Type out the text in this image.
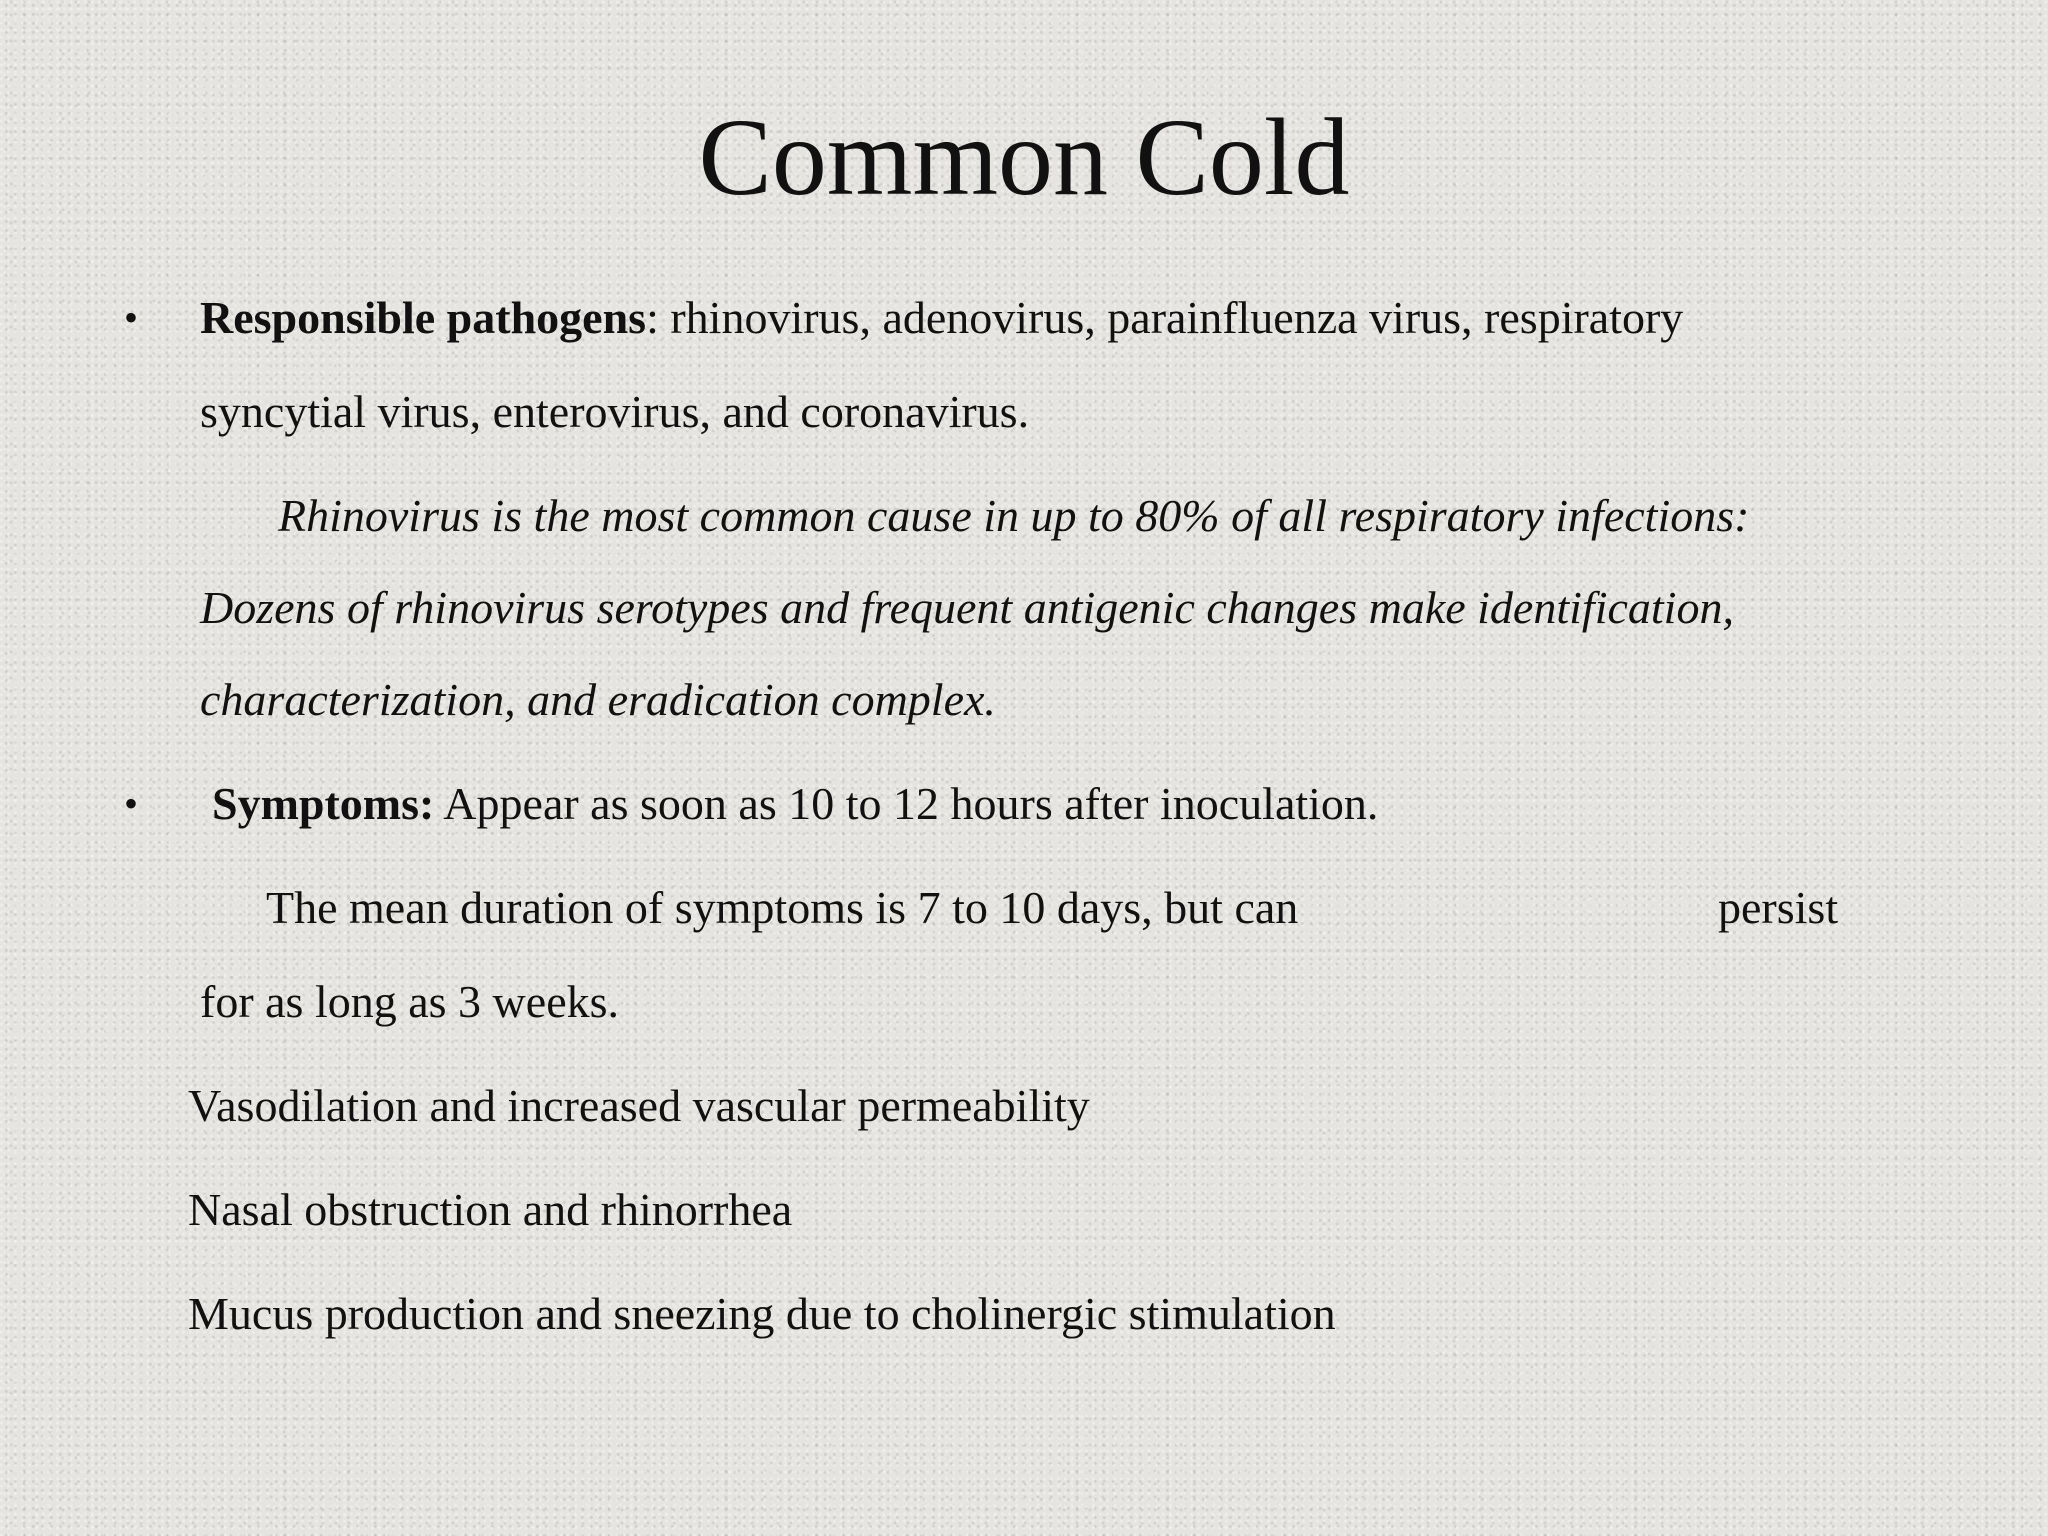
Common Cold
• Responsible pathogens: rhinovirus, adenovirus, parainfluenza virus, respiratory
syncytial virus, enterovirus, and coronavirus.
Rhinovirus is the most common cause in up to 80% of all respiratory infections:
Dozens of rhinovirus serotypes and frequent antigenic changes make identification,
characterization, and eradication complex.
• Symptoms: Appear as soon as 10 to 12 hours after inoculation.
The mean duration of symptoms is 7 to 10 days, but can	persist
for as long as 3 weeks.
Vasodilation and increased vascular permeability
Nasal obstruction and rhinorrhea
Mucus production and sneezing due to cholinergic stimulation
